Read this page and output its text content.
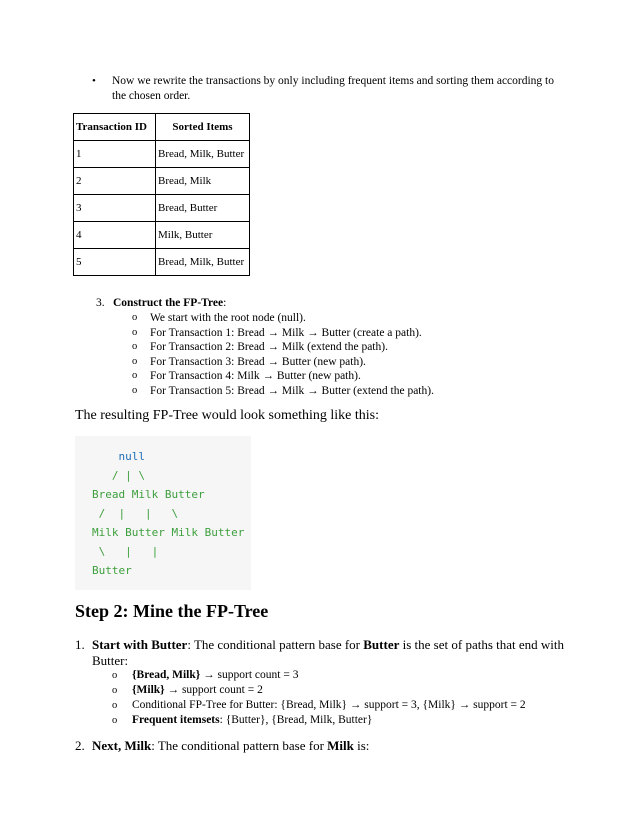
• Now we rewrite the transactions by only including frequent items and sorting them according to the chosen order.
Transaction ID	Sorted Items
1	Bread, Milk, Butter
2	Bread, Milk
3	Bread, Butter
4	Milk, Butter
5	Bread, Milk, Butter
3. Construct the FP-Tree:
o We start with the root node (null).
o For Transaction 1: Bread → Milk → Butter (create a path).
o For Transaction 2: Bread → Milk (extend the path).
o For Transaction 3: Bread → Butter (new path).
o For Transaction 4: Milk → Butter (new path).
o For Transaction 5: Bread → Milk → Butter (extend the path).
The resulting FP-Tree would look something like this:
null
/ | \
Bread Milk Butter
/  |   |   \
Milk Butter Milk Butter
\   |   |
Butter
Step 2: Mine the FP-Tree
1. Start with Butter: The conditional pattern base for Butter is the set of paths that end with Butter:
o {Bread, Milk} → support count = 3
o {Milk} → support count = 2
o Conditional FP-Tree for Butter: {Bread, Milk} → support = 3, {Milk} → support = 2
o Frequent itemsets: {Butter}, {Bread, Milk, Butter}
2. Next, Milk: The conditional pattern base for Milk is:
